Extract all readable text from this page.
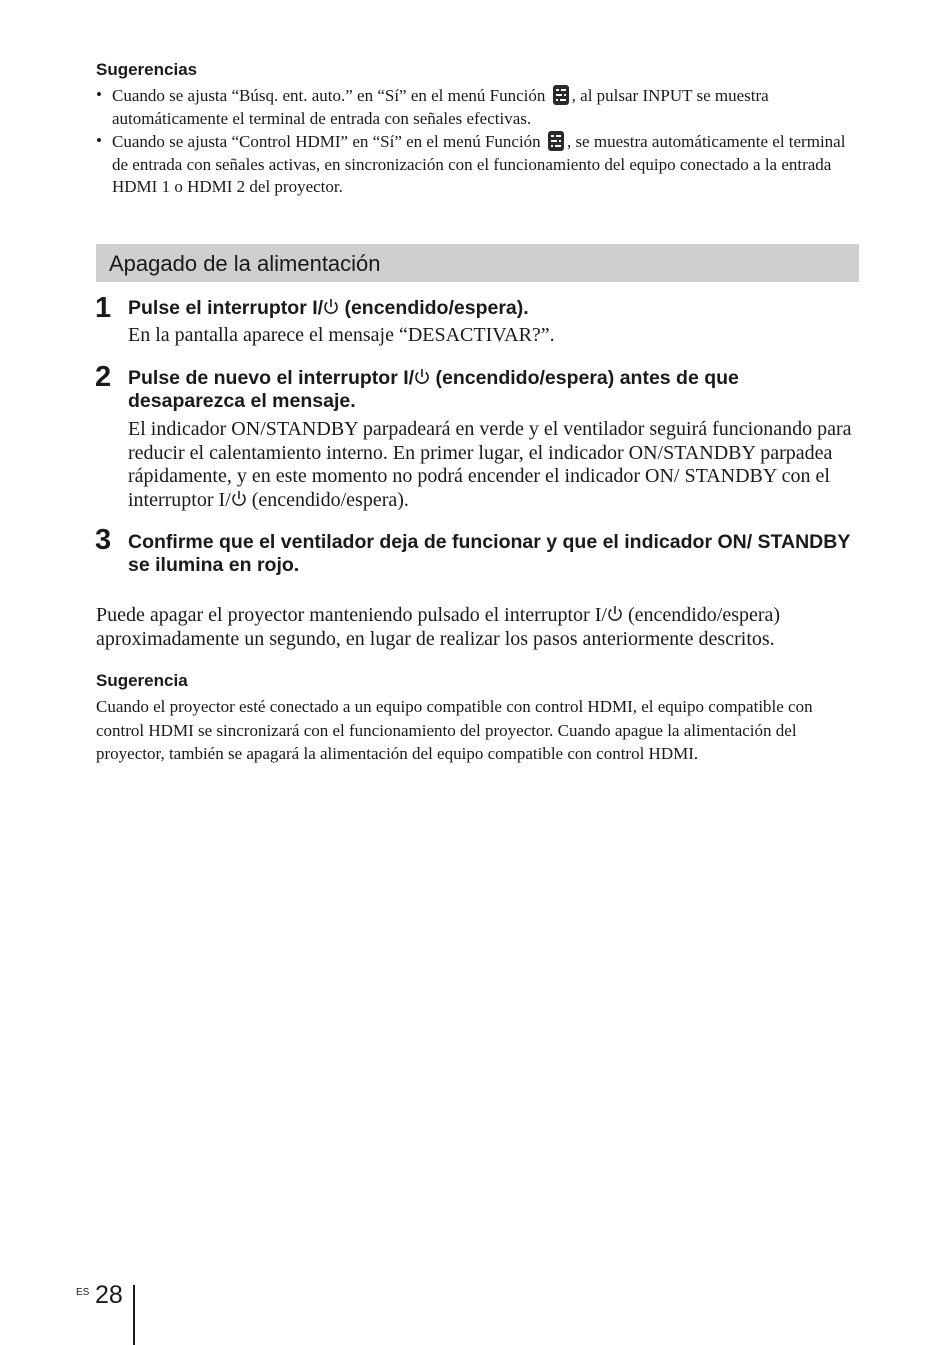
Sugerencias
• Cuando se ajusta “Búsq. ent. auto.” en “Sí” en el menú Función , al pulsar INPUT se muestra automáticamente el terminal de entrada con señales efectivas.
• Cuando se ajusta “Control HDMI” en “Sí” en el menú Función , se muestra automáticamente el terminal de entrada con señales activas, en sincronización con el funcionamiento del equipo conectado a la entrada HDMI 1 o HDMI 2 del proyector.
Apagado de la alimentación
1 Pulse el interruptor I/ (encendido/espera).
En la pantalla aparece el mensaje “DESACTIVAR?”.
2 Pulse de nuevo el interruptor I/ (encendido/espera) antes de que desaparezca el mensaje.
El indicador ON/STANDBY parpadeará en verde y el ventilador seguirá funcionando para reducir el calentamiento interno. En primer lugar, el indicador ON/STANDBY parpadea rápidamente, y en este momento no podrá encender el indicador ON/ STANDBY con el interruptor I/ (encendido/espera).
3 Confirme que el ventilador deja de funcionar y que el indicador ON/ STANDBY se ilumina en rojo.
Puede apagar el proyector manteniendo pulsado el interruptor I/ (encendido/espera) aproximadamente un segundo, en lugar de realizar los pasos anteriormente descritos.
Sugerencia
Cuando el proyector esté conectado a un equipo compatible con control HDMI, el equipo compatible con control HDMI se sincronizará con el funcionamiento del proyector. Cuando apague la alimentación del proyector, también se apagará la alimentación del equipo compatible con control HDMI.
ES 28
